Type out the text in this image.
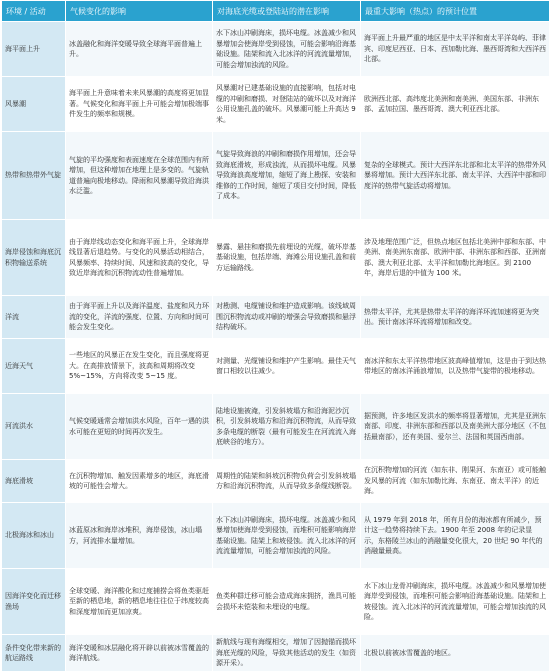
环境 / 活动	气候变化的影响	对海底光缆或登陆站的潜在影响	最重大影响（热点）的预计位置
海平面上升	冰盖融化和海洋变暖导致全球海平面普遍上升。	水下冰山冲刷海床，损坏电缆。冰盖减少和风暴增加会使海岸受到侵蚀，可能会影响沿海基础设施。陆架和流入北冰洋的河流流量增加，可能会增加浊流的风险。	海平面上升最严重的地区是中太平洋和南太平洋岛屿、菲律宾、印度尼西亚、日本、西加勒比海、墨西哥湾和大西洋西北部。
风暴潮	海平面上升意味着未来风暴潮的高度将更加显著。气候变化和海平面上升可能会增加极端事件发生的频率和规模。	风暴潮对已建基础设施的直接影响，包括对电缆的冲刷和磨损、对登陆站的破坏以及对海洋公用设施孔盖的破坏。风暴潮可能上升高达 9 米。	欧洲西北部、高纬度北美洲和南美洲、美国东部、非洲东部、孟加拉国、墨西哥湾、澳大利亚西北部。
热带和热带外气旋	气旋的平均强度和表面速度在全球范围内有所增加，但这种增加在地理上是多变的。气旋轨道普遍向极地移动。降雨和风暴潮导致沿海洪水泛滥。	气旋导致海浪的冲刷和磨损作用增加，还会导致海底滑坡，形成浊流，从而损坏电缆。风暴导致海浪高度增加，缩短了海上勘探、安装和维修的工作时间，缩短了项目交付时间，降低了成本。	复杂的全球模式。预计大西洋东北部和北太平洋的热带外风暴将增加。预计大西洋东北部、南太平洋、大西洋中部和印度洋的热带气旋活动将增加。
海岸侵蚀和海底沉积物输送系统	由于海岸线动态变化和海平面上升，全球海岸线显著后退趋势。与变化的风暴活动相结合，风暴频率、持续时间、风速和波高的变化，导致近岸海流和沉积物流动性普遍增加。	暴露、悬挂和磨损先前埋设的光缆，破坏岸基基础设施，包括岸端、海滩公用设施孔盖和前方运输路线。	涉及地理范围广泛，但热点地区包括北美洲中部和东部、中美洲、南美洲东南部、欧洲中部、非洲东部和西部、亚洲南部、澳大利亚北部、太平洋和加勒比海地区。到 2100 年，海岸后退的中值为 100 米。
洋流	由于海平面上升以及海洋温度、盐度和风力环流的变化，洋流的强度、位置、方向和时间可能会发生变化。	对勘测、电缆铺设和维护造成影响。该线域周围沉积物流动或冲刷的增强会导致磨损和悬浮结构破坏。	热带太平洋，尤其是热带太平洋的海洋环流加速将更为突出。预计南冰洋环流将增加和改变。
近海天气	一些地区的风暴正在发生变化，而且强度将更大。在高排放情景下，波高和周期将改变5%~15%，方向将改变 5~15 度。	对测量、光缆铺设和维护产生影响。最佳天气窗口相较以往减少。	南冰洋和东太平洋热带地区波高峰值增加，这是由于到达热带地区的南冰洋涌浪增加，以及热带气旋带的极地移动。
河流洪水	气候变暖通常会增加洪水风险，百年一遇的洪水可能在更短的时间再次发生。	陆地设施被淹，引发斜坡塌方和沿海泥沙沉积，引发斜坡塌方和沿海沉积物流，从而导致多条电缆的断裂（最有可能发生在河流流入海底峡谷的地方）。	据预测，许多地区发洪水的频率将显著增加，尤其是亚洲东南部、印度、非洲东部和西部以及南美洲大部分地区（不包括最南部），还有美国、爱尔兰、法国和英国西南部。
海底滑坡	在沉积物增加、触发因素增多的地区，海底滑坡的可能性会增大。	周期性的陆架和斜坡沉积物负荷会引发斜坡塌方和沿海沉积物流，从而导致多条缆线断裂。	在沉积物增加的河流（如东非、刚果河、东南亚）或可能触发风暴的河流（如东加勒比海、东南亚、南太平洋）的近海。
北极海冰和冰山	冰蓝原冰和海岸冰堆积，海岸侵蚀，冰山塌方，河流排水量增加。	水下冰山冲刷海床，损坏电缆。冰盖减少和风暴增加使海岸受到侵蚀，而堆积可能影响海岸基础设施。陆架上和坡侵蚀。流入北冰洋的河流流量增加，可能会增加浊流的风险。	从 1979 年到 2018 年，所有月份的海冰都有所减少，预计这一趋势将持续下去。1900 年至 2008 年的记录显示，东格陵兰冰山的消融量变化很大，20 世纪 90 年代的消融量最高。
因海洋变化而迁移渔场	全球变暖、海洋酸化和过度捕捞会将鱼类驱赶至新的栖息地，新的栖息地往往位于纬度较高和深度增加而更加凉爽。	鱼类种群迁移可能会造成海床拥挤，渔具可能会损坏未铠装和未埋设的电缆。	水下冰山龙骨冲刷海床，损坏电缆。冰盖减少和风暴增加使海岸受到侵蚀，而堆积可能会影响沿海基础设施。陆架和上坡侵蚀。流入北冰洋的河流流量增加，可能会增加浊流的风险。
条件变化带来新的航运路线	海洋变暖和冰层融化将开辟以前被冰雪覆盖的海洋航线。	新航线与现有海缆相交，增加了因抛锚而损坏海底光缆的风险，导致其他活动的发生（如资源开采）。	北极以前被冰雪覆盖的地区。
